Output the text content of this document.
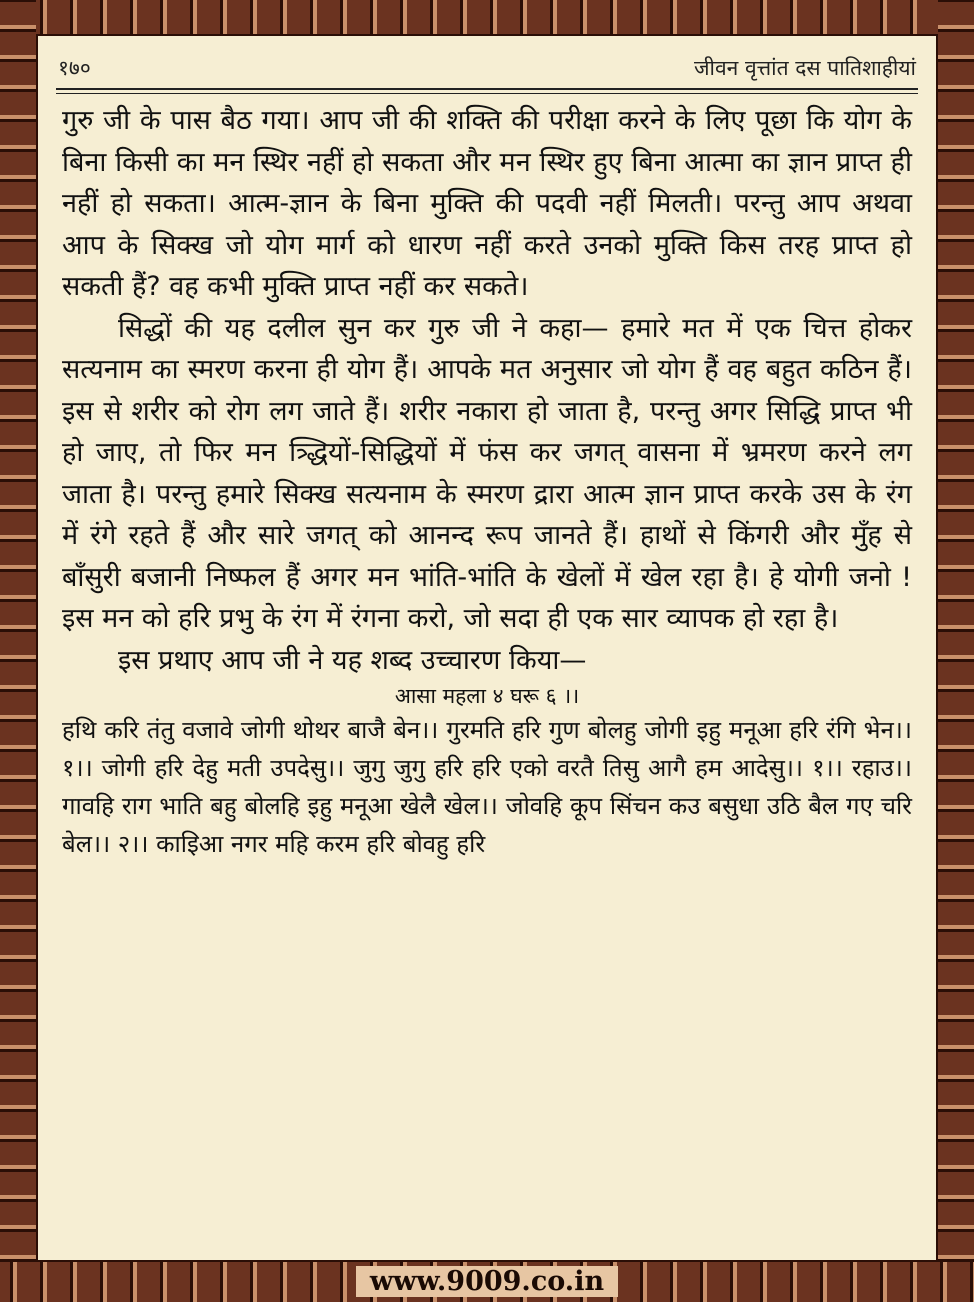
१७०	जीवन वृत्तांत दस पातिशाहीयां

गुरु जी के पास बैठ गया। आप जी की शक्ति की परीक्षा करने के लिए पूछा कि योग के बिना किसी का मन स्थिर नहीं हो सकता और मन स्थिर हुए बिना आत्मा का ज्ञान प्राप्त ही नहीं हो सकता। आत्म-ज्ञान के बिना मुक्ति की पदवी नहीं मिलती। परन्तु आप अथवा आप के सिक्ख जो योग मार्ग को धारण नहीं करते उनको मुक्ति किस तरह प्राप्त हो सकती हैं? वह कभी मुक्ति प्राप्त नहीं कर सकते।

सिद्धों की यह दलील सुन कर गुरु जी ने कहा— हमारे मत में एक चित्त होकर सत्यनाम का स्मरण करना ही योग हैं। आपके मत अनुसार जो योग हैं वह बहुत कठिन हैं। इस से शरीर को रोग लग जाते हैं। शरीर नकारा हो जाता है, परन्तु अगर सिद्धि प्राप्त भी हो जाए, तो फिर मन त्र्द्धियों-सिद्धियों में फंस कर जगत् वासना में भ्रमरण करने लग जाता है। परन्तु हमारे सिक्ख सत्यनाम के स्मरण द्रारा आत्म ज्ञान प्राप्त करके उस के रंग में रंगे रहते हैं और सारे जगत् को आनन्द रूप जानते हैं। हाथों से किंगरी और मुँह से बाँसुरी बजानी निष्फल हैं अगर मन भांति-भांति के खेलों में खेल रहा है। हे योगी जनो ! इस मन को हरि प्रभु के रंग में रंगना करो, जो सदा ही एक सार व्यापक हो रहा है।

इस प्रथाए आप जी ने यह शब्द उच्चारण किया—

आसा महला ४ घरू ६ ।।

हथि करि तंतु वजावे जोगी थोथर बाजै बेन।। गुरमति हरि गुण बोलहु जोगी इहु मनूआ हरि रंगि भेन।। १।। जोगी हरि देहु मती उपदेसु।। जुगु जुगु हरि हरि एको वरतै तिसु आगै हम आदेसु।। १।। रहाउ।। गावहि राग भाति बहु बोलहि इहु मनूआ खेलै खेल।। जोवहि कूप सिंचन कउ बसुधा उठि बैल गए चरि बेल।। २।। काइिआ नगर महि करम हरि बोवहु हरि

www.9009.co.in
